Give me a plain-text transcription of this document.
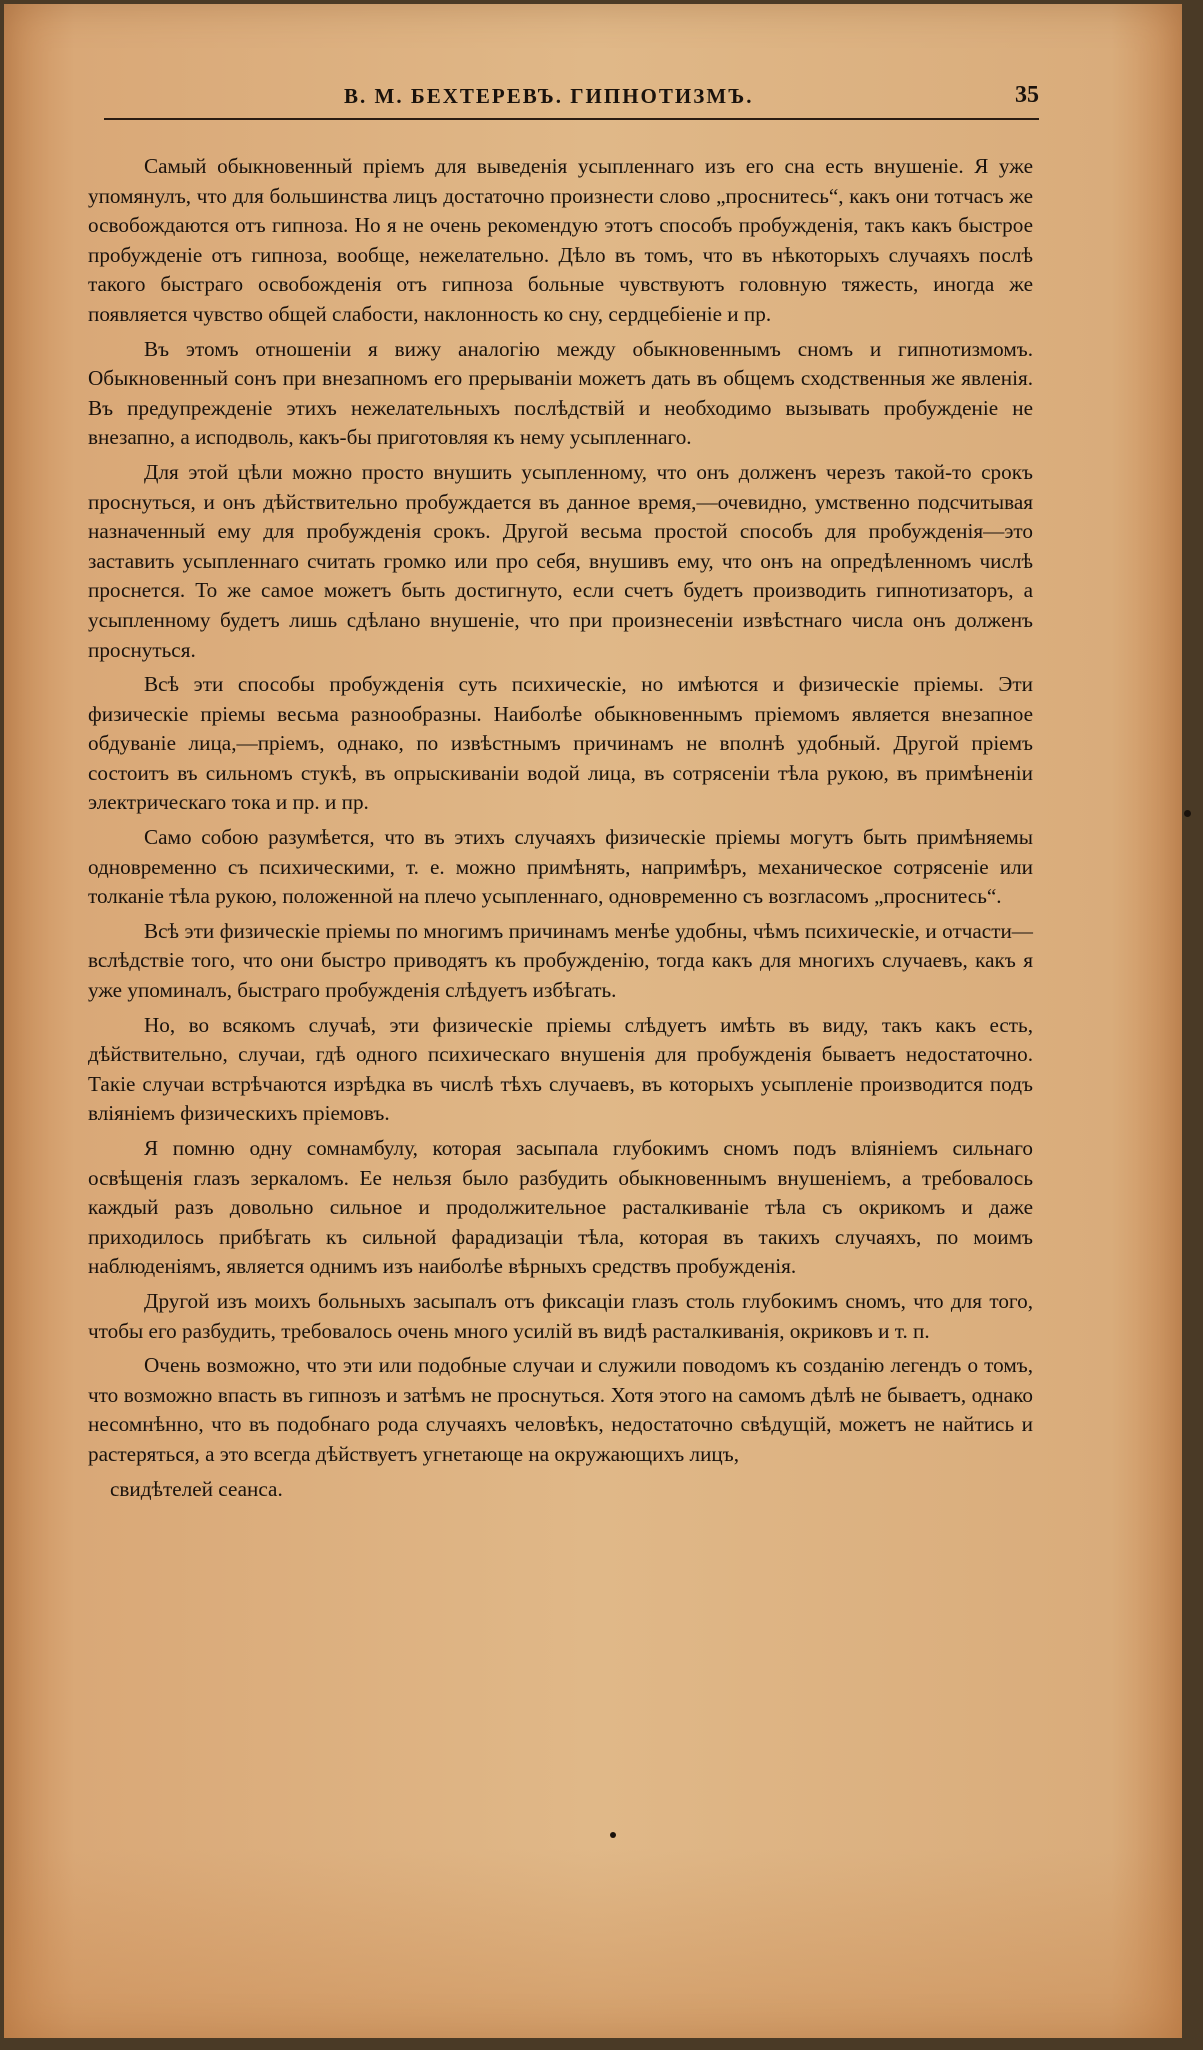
В. М. БЕХТЕРЕВЪ. ГИПНОТИЗМЪ.	35

Самый обыкновенный пріемъ для выведенія усыпленнаго изъ его сна есть внушеніе. Я уже упомянулъ, что для большинства лицъ достаточно произнести слово „проснитесь“, какъ они тотчасъ же освобождаются отъ гипноза. Но я не очень рекомендую этотъ способъ пробужденія, такъ какъ быстрое пробужденіе отъ гипноза, вообще, нежелательно. Дѣло въ томъ, что въ нѣкоторыхъ случаяхъ послѣ такого быстраго освобожденія отъ гипноза больные чувствуютъ головную тяжесть, иногда же появляется чувство общей слабости, наклонность ко сну, сердцебіеніе и пр.

Въ этомъ отношеніи я вижу аналогію между обыкновеннымъ сномъ и гипнотизмомъ. Обыкновенный сонъ при внезапномъ его прерываніи можетъ дать въ общемъ сходственныя же явленія. Въ предупрежденіе этихъ нежелательныхъ послѣдствій и необходимо вызывать пробужденіе не внезапно, а исподволь, какъ-бы приготовляя къ нему усыпленнаго.

Для этой цѣли можно просто внушить усыпленному, что онъ долженъ черезъ такой-то срокъ проснуться, и онъ дѣйствительно пробуждается въ данное время,—очевидно, умственно подсчитывая назначенный ему для пробужденія срокъ. Другой весьма простой способъ для пробужденія—это заставить усыпленнаго считать громко или про себя, внушивъ ему, что онъ на опредѣленномъ числѣ проснется. То же самое можетъ быть достигнуто, если счетъ будетъ производить гипнотизаторъ, а усыпленному будетъ лишь сдѣлано внушеніе, что при произнесеніи извѣстнаго числа онъ долженъ проснуться.

Всѣ эти способы пробужденія суть психическіе, но имѣются и физическіе пріемы. Эти физическіе пріемы весьма разнообразны. Наиболѣе обыкновеннымъ пріемомъ является внезапное обдуваніе лица,—пріемъ, однако, по извѣстнымъ причинамъ не вполнѣ удобный. Другой пріемъ состоитъ въ сильномъ стукѣ, въ опрыскиваніи водой лица, въ сотрясеніи тѣла рукою, въ примѣненіи электрическаго тока и пр. и пр.

Само собою разумѣется, что въ этихъ случаяхъ физическіе пріемы могутъ быть примѣняемы одновременно съ психическими, т. е. можно примѣнять, напримѣръ, механическое сотрясеніе или толканіе тѣла рукою, положенной на плечо усыпленнаго, одновременно съ возгласомъ „проснитесь“.

Всѣ эти физическіе пріемы по многимъ причинамъ менѣе удобны, чѣмъ психическіе, и отчасти—вслѣдствіе того, что они быстро приводятъ къ пробужденію, тогда какъ для многихъ случаевъ, какъ я уже упоминалъ, быстраго пробужденія слѣдуетъ избѣгать.

Но, во всякомъ случаѣ, эти физическіе пріемы слѣдуетъ имѣть въ виду, такъ какъ есть, дѣйствительно, случаи, гдѣ одного психическаго внушенія для пробужденія бываетъ недостаточно. Такіе случаи встрѣчаются изрѣдка въ числѣ тѣхъ случаевъ, въ которыхъ усыпленіе производится подъ вліяніемъ физическихъ пріемовъ.

Я помню одну сомнамбулу, которая засыпала глубокимъ сномъ подъ вліяніемъ сильнаго освѣщенія глазъ зеркаломъ. Ее нельзя было разбудить обыкновеннымъ внушеніемъ, а требовалось каждый разъ довольно сильное и продолжительное расталкиваніе тѣла съ окрикомъ и даже приходилось прибѣгать къ сильной фарадизаціи тѣла, которая въ такихъ случаяхъ, по моимъ наблюденіямъ, является однимъ изъ наиболѣе вѣрныхъ средствъ пробужденія.

Другой изъ моихъ больныхъ засыпалъ отъ фиксаціи глазъ столь глубокимъ сномъ, что для того, чтобы его разбудить, требовалось очень много усилій въ видѣ расталкиванія, окриковъ и т. п.

Очень возможно, что эти или подобные случаи и служили поводомъ къ созданію легендъ о томъ, что возможно впасть въ гипнозъ и затѣмъ не проснуться. Хотя этого на самомъ дѣлѣ не бываетъ, однако несомнѣнно, что въ подобнаго рода случаяхъ человѣкъ, недостаточно свѣдущій, можетъ не найтись и растеряться, а это всегда дѣйствуетъ угнетающе на окружающихъ лицъ,

свидѣтелей сеанса.
